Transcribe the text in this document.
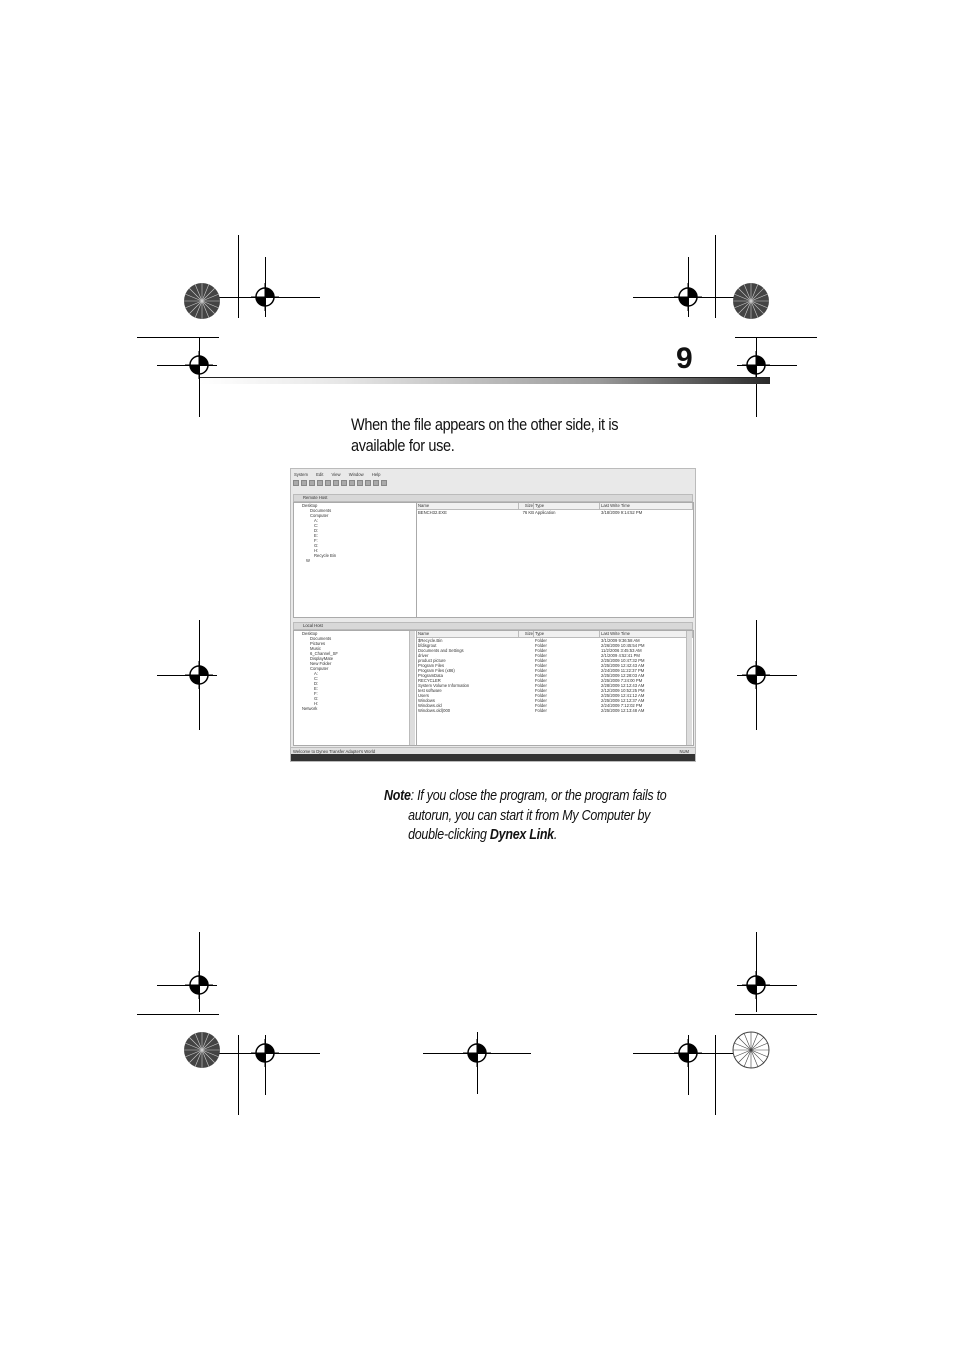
9
When the file appears on the other side, it is available for use.
System Edit View Window Help
Remote Host
Desktop
Documents
Computer
A:
C:
D:
E:
F:
G:
H:
Recycle Bin
W
Name	Size Type	Last Write Time
BENCH32.EXE	76 KB Application	3/18/2009 9:14:52 PM
Local Host
Desktop
Documents
Pictures
Music
6_Channel_SF
DisplayMate
New Folder
Computer
A:
C:
D:
E:
F:
G:
H:
Network
Name	Size Type	Last Write Time
$Recycle.Bin	Folder	3/1/2009 9:36:58 AM
bfdisgrout	Folder	2/26/2009 10:45:54 PM
Documents and Settings	Folder	11/2/2006 3:45:53 AM
driver	Folder	2/1/2009 4:52:41 PM
product picture	Folder	2/25/2009 10:47:32 PM
Program Files	Folder	2/25/2009 12:42:43 AM
Program Files (x86)	Folder	2/24/2009 11:22:37 PM
ProgramData	Folder	2/25/2009 12:28:03 AM
RECYCLER	Folder	2/25/2009 7:24:00 PM
System Volume Information	Folder	2/28/2009 12:12:43 AM
test software	Folder	2/12/2009 10:52:25 PM
Users	Folder	2/25/2009 12:41:12 AM
Windows	Folder	2/25/2009 12:12:37 AM
Windows.old	Folder	2/24/2009 7:12:02 PM
Windows.old(000	Folder	2/25/2009 12:13:48 AM
Welcome to Dynex Transfer Adapter's World	NUM
Note: If you close the program, or the program fails to
autorun, you can start it from My Computer by
double-clicking Dynex Link.
